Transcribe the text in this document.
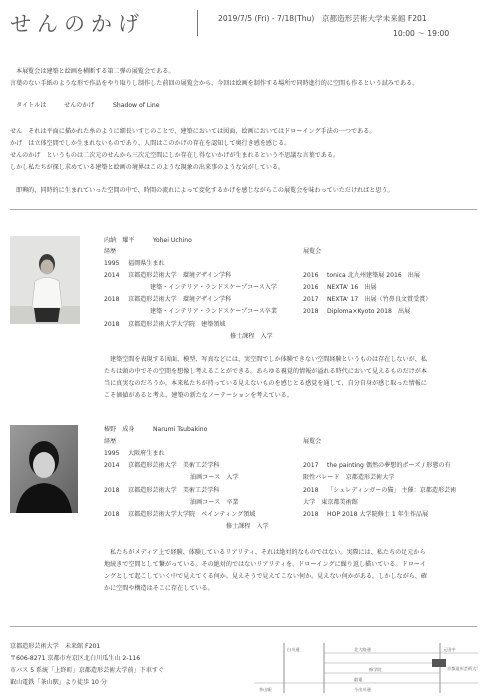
せんのかげ	2019/7/5 (Fri) - 7/18(Thu)　京都造形芸術大学未来館 F201
10:00 ～ 19:00
本展覧会は建築と絵画を横断する第二弾の展覧会である。
言葉のない手紙のような形で作品をやり取りし制作した前回の展覧会から、今回は絵画を制作する場所で同時進行的に空間も作るという試みである。
タイトルは	せんのかげ	Shadow of Line
せん　それは平面に描かれた糸のように細長いすじのことで、建築においては図面、絵画においてはドローイング手法の一つである。
かげ　は立体空間でしか生まれないものであり、人間はこのかげの存在を認知して奥行き感を感じる。
せんのかげ　というものは二次元のせんから三次元空間にしか存在し得ないかげが生まれるという不思議な言葉である。
しかし私たちが探し求めている建築と絵画の境界はこのような現象の出来事のような気がしている。
即興的、同時的に生まれていった空間の中で、時間の流れによって変化するかげを感じながらこの展覧会を味わっていただければと思う。
内納　耀平	Yohei Uchino
経歴	展覧会
1995 福岡県生まれ
2014 京都造形芸術大学　環境デザイン学科
建築・インテリア・ランドスケープコース入学
2018 京都造形芸術大学　環境デザイン学科
建築・インテリア・ランドスケープコース卒業
2018 京都造形芸術大学大学院　建築領域
修士課程　入学
2016 tonica 北九州建築展 2016　出展
2016 NEXTA' 16　出展
2017 NEXTA' 17　出展（竹鼻良文賞受賞）
2018 Diploma×Kyoto 2018　出展
建築空間を表現する図面、模型、写真などには、実空間でしか体験できない空間経験というものは存在しないが、私
たちは頭の中でその空間を想像し考えることができる。あらゆる視覚的情報が溢れる時代において見えるものだけが本
当に真実なのだろうか。本来私たちが持っている見えないものを感じとる感覚を通して、自分自身が感じ取った情報に
こそ価値があると考え、建築の新たなノーテーションを考えている。
椿野　成身	Narumi Tsubakino
経歴	展覧会
1995 大阪府生まれ
2014 京都造形芸術大学　美術工芸学科
油画コース　入学
2018 京都造形芸術大学　美術工芸学科
油画コース　卒業
2018 京都造形芸術大学大学院　ペインティング領域
修士課程　入学
2017 the painting 偶然の夢想的ポーズ / 形態の有
限性パレード　京都造形芸術大学
2018 「シュレディンガーの猫」 主催：京都造形芸術
大学　東京都美術館
2018 HOP 2018 大学院修士 1 年生作品展
私たちがメディア上で経験、体験しているリアリティ、それは絶対的なものではない。実際には、私たちの足元から
地続きで空間として繋がっている。その絶対的ではないリアリティを、ドローイングに繰り返し描いている。ドローイ
ングとして起こしていく中で見えてくる何か。見えそうで見えてこない何か。見えない何かがある。しかしながら、確
かに空間や構造はそこに存在している。
京都造形芸術大学　未来館 F201
〒606-8271 京都市左京区北白川瓜生山 2-116
市バス 5 系統「上終町」京都造形芸術大学前」下車すぐ
叡山電鉄「茶山駅」より徒歩 10 分
白川通	北大路通
修学院
叡電
茶山駅	今出川通
元田中
京都造形芸術大学
